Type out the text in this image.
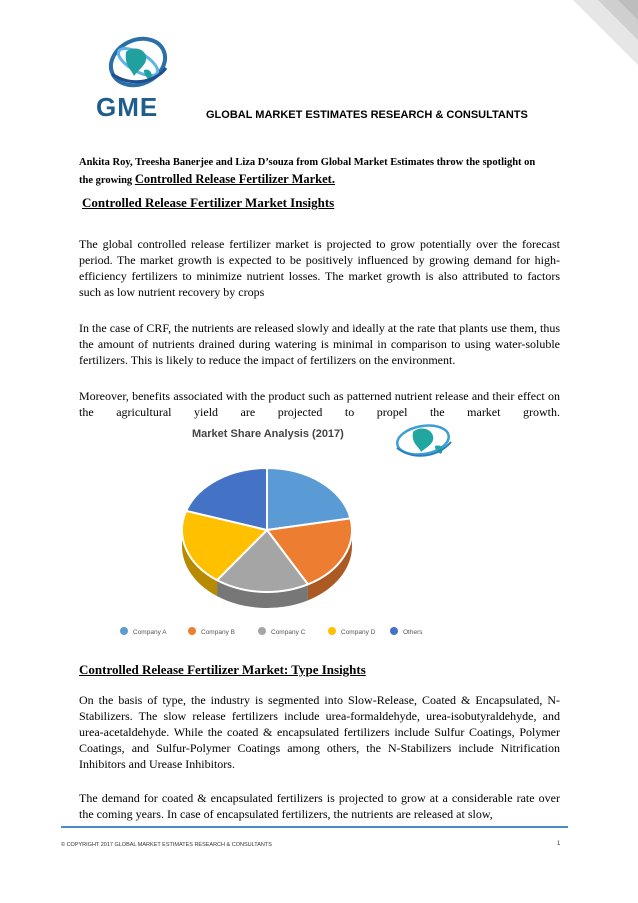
GME	GLOBAL MARKET ESTIMATES RESEARCH & CONSULTANTS
Ankita Roy, Treesha Banerjee and Liza D’souza from Global Market Estimates throw the spotlight on
the growing Controlled Release Fertilizer Market.
Controlled Release Fertilizer Market Insights
The global controlled release fertilizer market is projected to grow potentially over the forecast period. The market growth is expected to be positively influenced by growing demand for high-efficiency fertilizers to minimize nutrient losses. The market growth is also attributed to factors such as low nutrient recovery by crops
In the case of CRF, the nutrients are released slowly and ideally at the rate that plants use them, thus the amount of nutrients drained during watering is minimal in comparison to using water-soluble fertilizers. This is likely to reduce the impact of fertilizers on the environment.
Moreover, benefits associated with the product such as patterned nutrient release and their effect on the agricultural yield are projected to propel the market growth.
Market Share Analysis (2017)
Company A	Company B	Company C	Company D	Others
Controlled Release Fertilizer Market: Type Insights
On the basis of type, the industry is segmented into Slow-Release, Coated & Encapsulated, N-Stabilizers. The slow release fertilizers include urea-formaldehyde, urea-isobutyraldehyde, and urea-acetaldehyde. While the coated & encapsulated fertilizers include Sulfur Coatings, Polymer Coatings, and Sulfur-Polymer Coatings among others, the N-Stabilizers include Nitrification Inhibitors and Urease Inhibitors.
The demand for coated & encapsulated fertilizers is projected to grow at a considerable rate over the coming years. In case of encapsulated fertilizers, the nutrients are released at slow,
© COPYRIGHT 2017 GLOBAL MARKET ESTIMATES RESEARCH & CONSULTANTS	1
